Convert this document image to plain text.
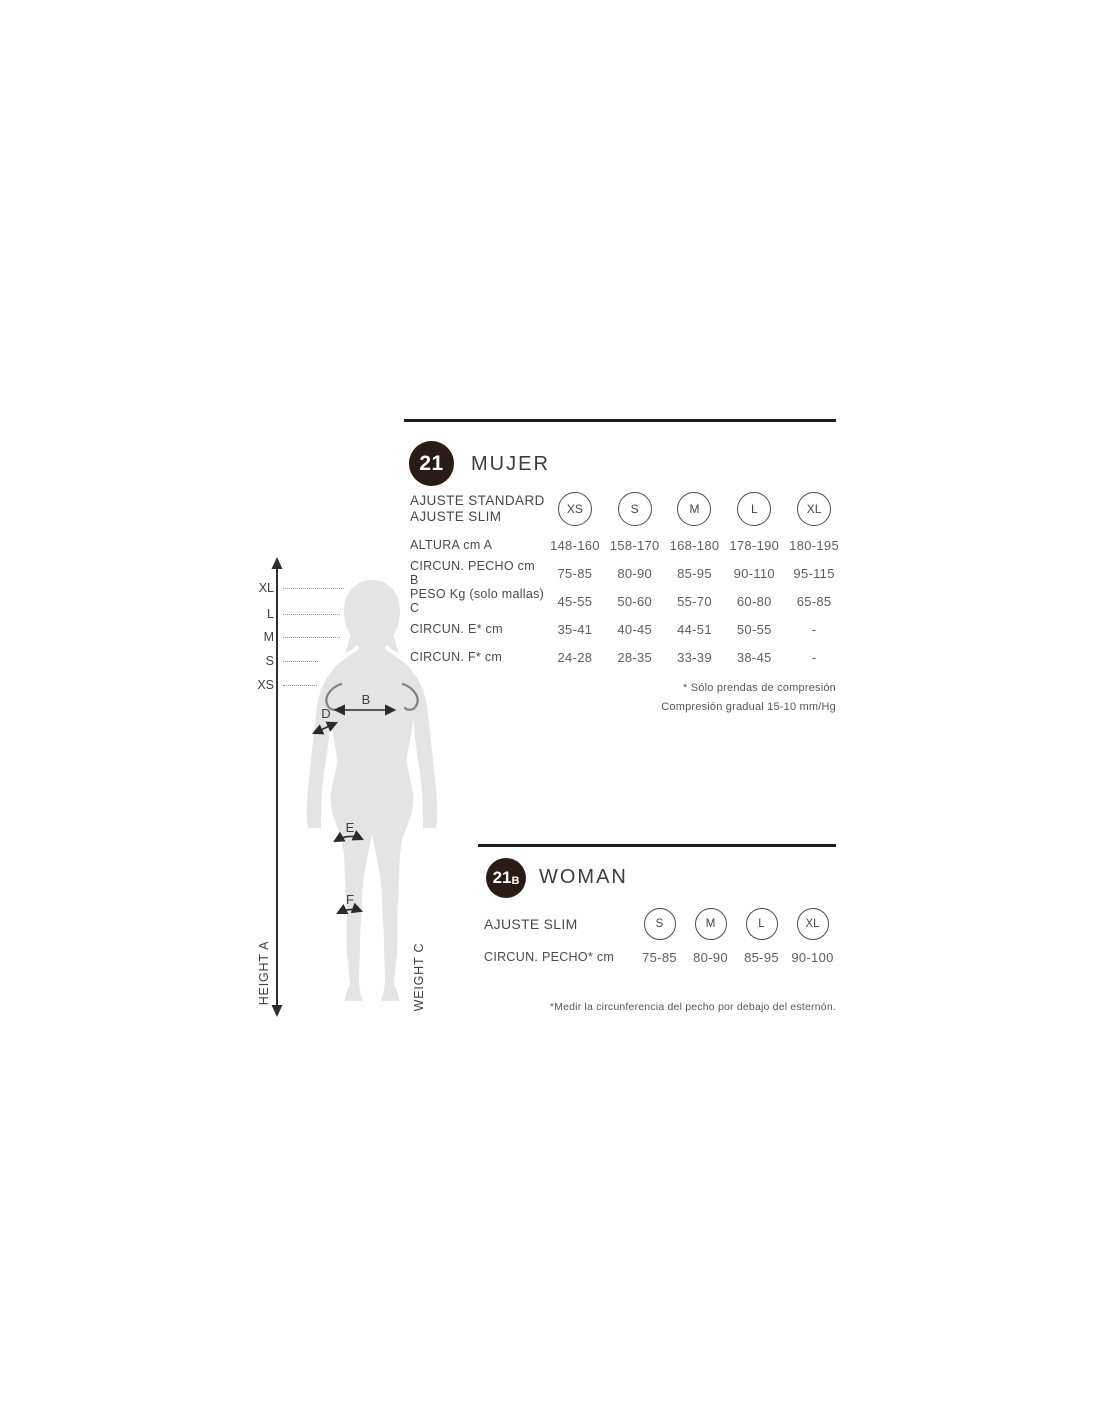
XL
L
M
S
XS
B
D
E
F
HEIGHT A	WEIGHT C
21 MUJER
AJUSTE STANDARD
AJUSTE SLIM	XS	S	M	L	XL
ALTURA cm A	148-160 158-170 168-180 178-190 180-195
CIRCUN. PECHO cm B	75-85	80-90	85-95	90-110	95-115
PESO Kg (solo mallas) C	45-55	50-60	55-70	60-80	65-85
CIRCUN. E* cm	35-41	40-45	44-51	50-55	-
CIRCUN. F* cm	24-28	28-35	33-39	38-45	-
* Sólo prendas de compresión
Compresión gradual 15-10 mm/Hg
21 B WOMAN
AJUSTE SLIM	S	M	L	XL
CIRCUN. PECHO* cm	75-85	80-90	85-95 90-100
*Medir la circunferencia del pecho por debajo del esternón.
